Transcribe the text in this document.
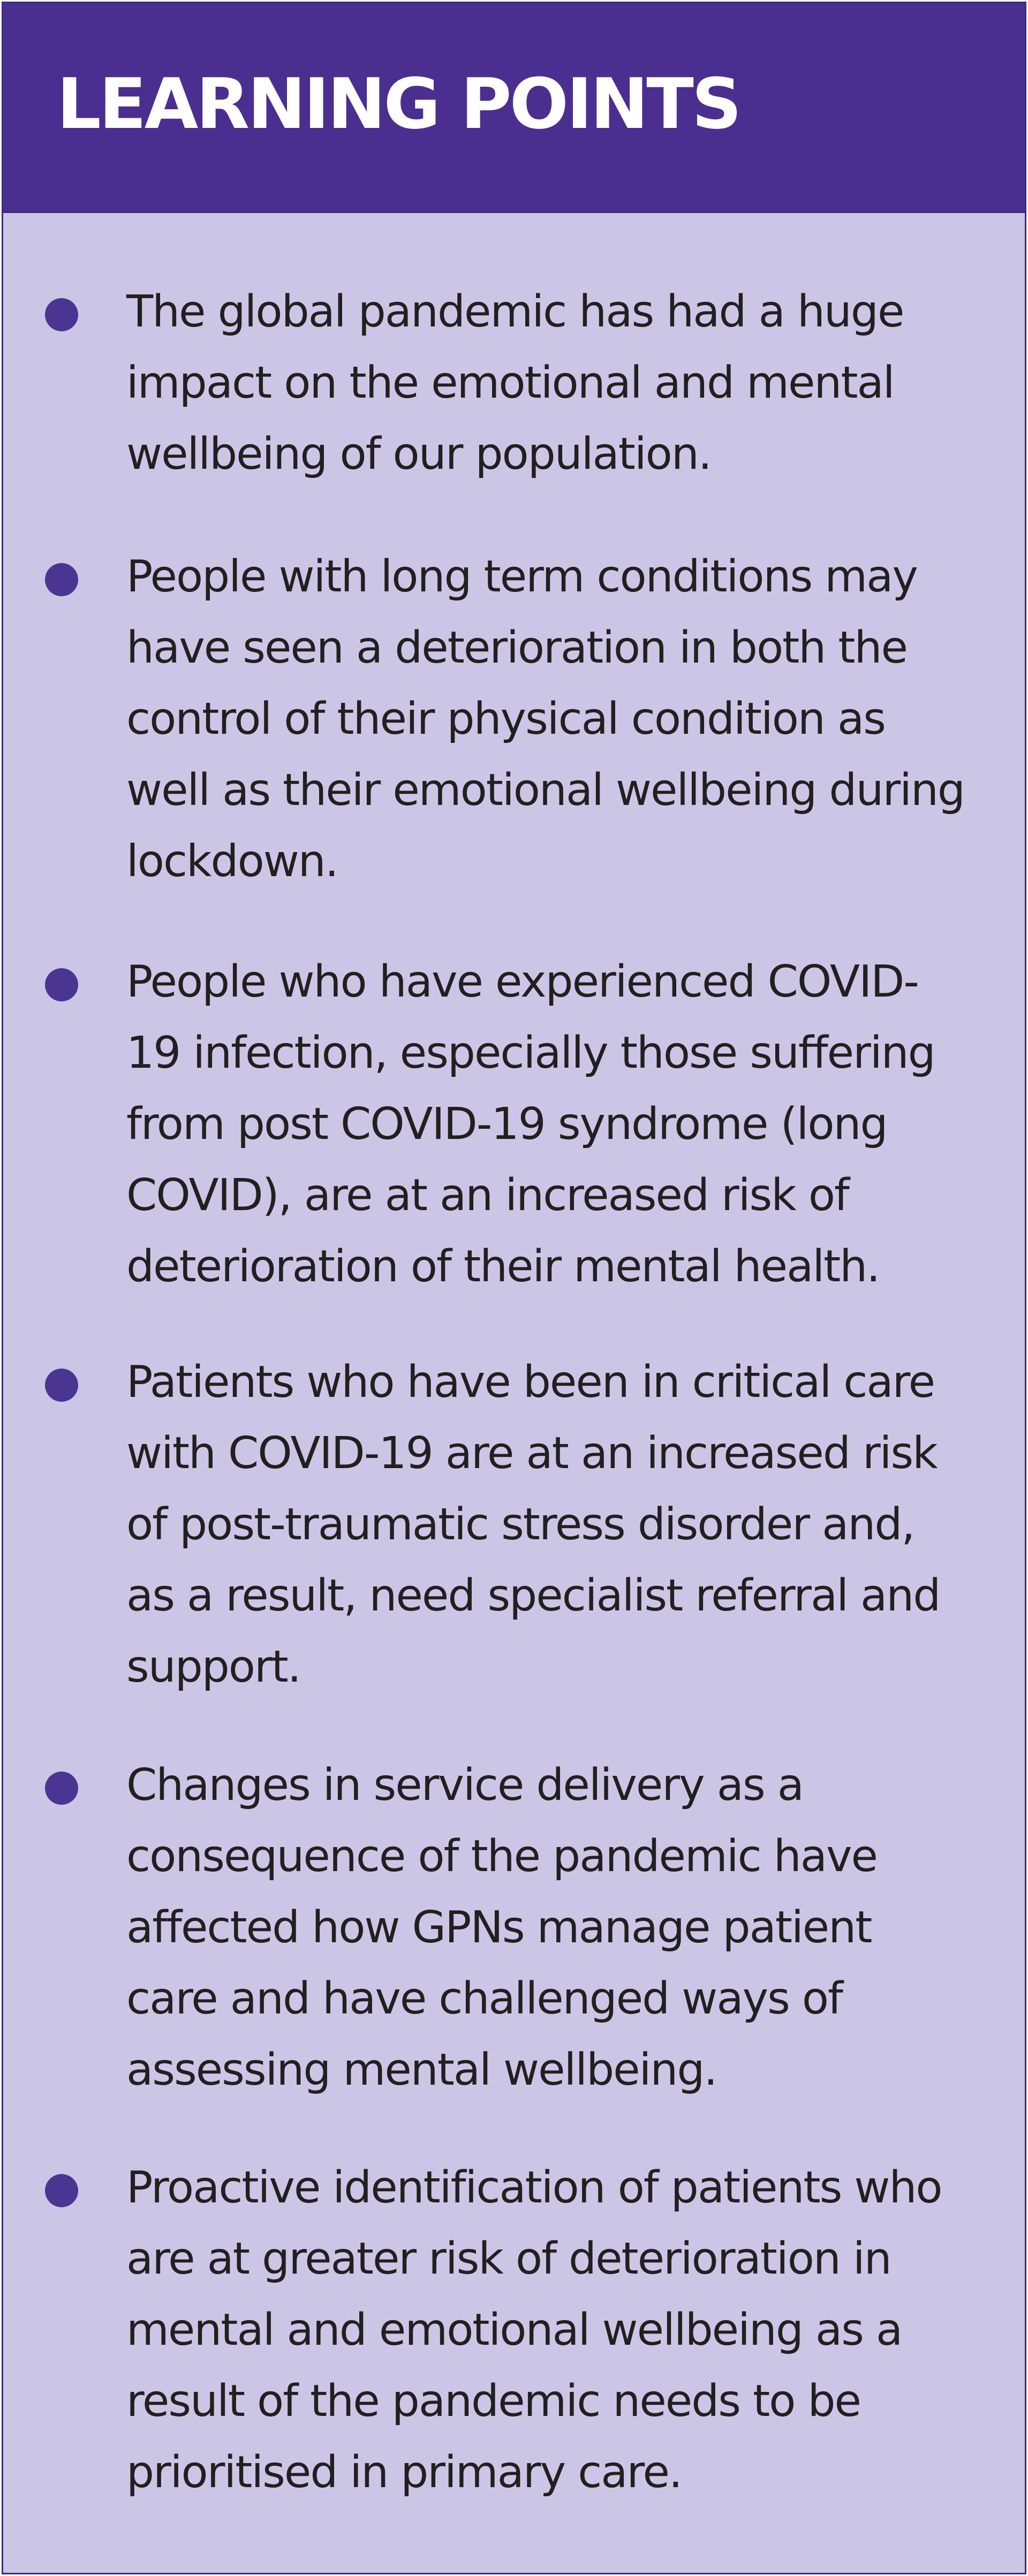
LEARNING POINTS

The global pandemic has had a huge
impact on the emotional and mental
wellbeing of our population.

People with long term conditions may
have seen a deterioration in both the
control of their physical condition as
well as their emotional wellbeing during
lockdown.

People who have experienced COVID-
19 infection, especially those suffering
from post COVID-19 syndrome (long
COVID), are at an increased risk of
deterioration of their mental health.

Patients who have been in critical care
with COVID-19 are at an increased risk
of post-traumatic stress disorder and,
as a result, need specialist referral and
support.

Changes in service delivery as a
consequence of the pandemic have
affected how GPNs manage patient
care and have challenged ways of
assessing mental wellbeing.

Proactive identification of patients who
are at greater risk of deterioration in
mental and emotional wellbeing as a
result of the pandemic needs to be
prioritised in primary care.
